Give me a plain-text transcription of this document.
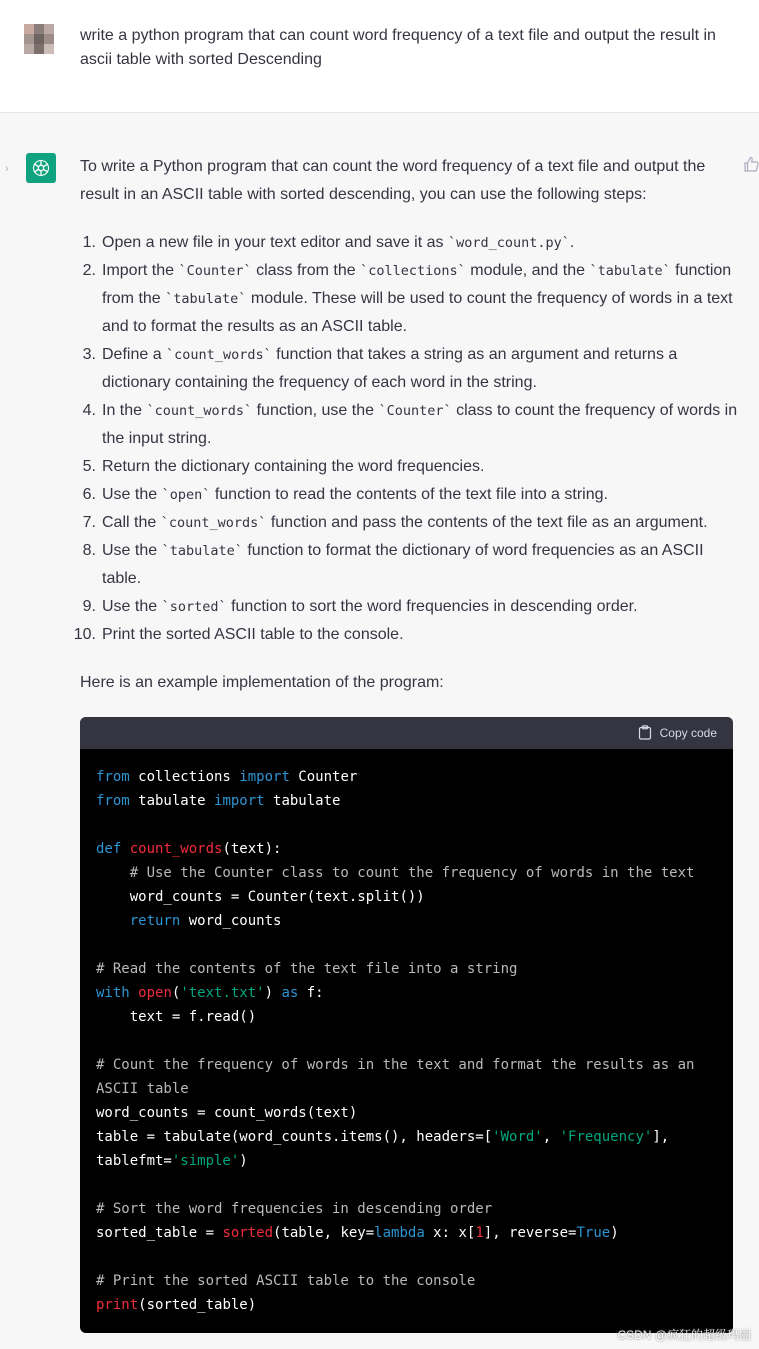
write a python program that can count word frequency of a text file and output the result in ascii table with sorted Descending
›	To write a Python program that can count the word frequency of a text file and output the result in an ASCII table with sorted descending, you can use the following steps:

1. Open a new file in your text editor and save it as `word_count.py`.
2. Import the `Counter` class from the `collections` module, and the `tabulate` function from the `tabulate` module. These will be used to count the frequency of words in a text and to format the results as an ASCII table.
3. Define a `count_words` function that takes a string as an argument and returns a dictionary containing the frequency of each word in the string.
4. In the `count_words` function, use the `Counter` class to count the frequency of words in the input string.
5. Return the dictionary containing the word frequencies.
6. Use the `open` function to read the contents of the text file into a string.
7. Call the `count_words` function and pass the contents of the text file as an argument.
8. Use the `tabulate` function to format the dictionary of word frequencies as an ASCII table.
9. Use the `sorted` function to sort the word frequencies in descending order.
10. Print the sorted ASCII table to the console.

Here is an example implementation of the program:

Copy code
from collections import Counter
from tabulate import tabulate

def count_words(text):
# Use the Counter class to count the frequency of words in the text
word_counts = Counter(text.split())
return word_counts

# Read the contents of the text file into a string
with open('text.txt') as f:
text = f.read()

# Count the frequency of words in the text and format the results as an ASCII table
word_counts = count_words(text)
table = tabulate(word_counts.items(), headers=['Word', 'Frequency'], tablefmt='simple')

# Sort the word frequencies in descending order
sorted_table = sorted(table, key=lambda x: x[1], reverse=True)

# Print the sorted ASCII table to the console
print(sorted_table)
CSDN @疯狂的超级玛丽
